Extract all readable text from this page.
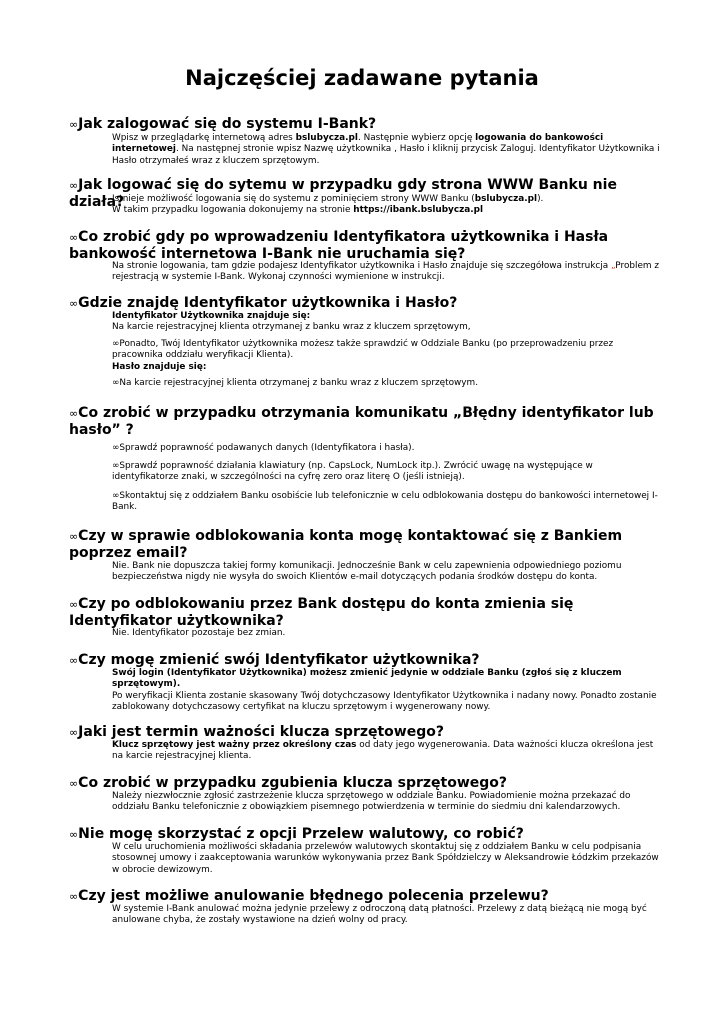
Najczęściej zadawane pytania
∞Jak zalogować się do systemu I-Bank?
Wpisz w przeglądarkę internetową adres bslubycza.pl. Następnie wybierz opcję logowania do bankowości internetowej. Na następnej stronie wpisz Nazwę użytkownika , Hasło i kliknij przycisk Zaloguj. Identyfikator Użytkownika i Hasło otrzymałeś wraz z kluczem sprzętowym.
∞Jak logować się do sytemu w przypadku gdy strona WWW Banku nie działa?
Istnieje możliwość logowania się do systemu z pominięciem strony WWW Banku (bslubycza.pl).
W takim przypadku logowania dokonujemy na stronie https://ibank.bslubycza.pl
∞Co zrobić gdy po wprowadzeniu Identyfikatora użytkownika i Hasła bankowość internetowa I-Bank nie uruchamia się?
Na stronie logowania, tam gdzie podajesz Identyfikator użytkownika i Hasło znajduje się szczegółowa instrukcja „Problem z rejestracją w systemie I-Bank. Wykonaj czynności wymienione w instrukcji.
∞Gdzie znajdę Identyfikator użytkownika i Hasło?
Identyfikator Użytkownika znajduje się:
Na karcie rejestracyjnej klienta otrzymanej z banku wraz z kluczem sprzętowym,
∞Ponadto, Twój Identyfikator użytkownika możesz także sprawdzić w Oddziale Banku (po przeprowadzeniu przez pracownika oddziału weryfikacji Klienta).
Hasło znajduje się:
∞Na karcie rejestracyjnej klienta otrzymanej z banku wraz z kluczem sprzętowym.
∞Co zrobić w przypadku otrzymania komunikatu „Błędny identyfikator lub hasło” ?
∞Sprawdź poprawność podawanych danych (Identyfikatora i hasła).
∞Sprawdź poprawność działania klawiatury (np. CapsLock, NumLock itp.). Zwrócić uwagę na występujące w identyfikatorze znaki, w szczególności na cyfrę zero oraz literę O (jeśli istnieją).
∞Skontaktuj się z oddziałem Banku osobiście lub telefonicznie w celu odblokowania dostępu do bankowości internetowej I-Bank.
∞Czy w sprawie odblokowania konta mogę kontaktować się z Bankiem poprzez email?
Nie. Bank nie dopuszcza takiej formy komunikacji. Jednocześnie Bank w celu zapewnienia odpowiedniego poziomu bezpieczeństwa nigdy nie wysyła do swoich Klientów e-mail dotyczących podania środków dostępu do konta.
∞Czy po odblokowaniu przez Bank dostępu do konta zmienia się Identyfikator użytkownika?
Nie. Identyfikator pozostaje bez zmian.
∞Czy mogę zmienić swój Identyfikator użytkownika?
Swój login (Identyfikator Użytkownika) możesz zmienić jedynie w oddziale Banku (zgłoś się z kluczem sprzętowym).
Po weryfikacji Klienta zostanie skasowany Twój dotychczasowy Identyfikator Użytkownika i nadany nowy. Ponadto zostanie zablokowany dotychczasowy certyfikat na kluczu sprzętowym i wygenerowany nowy.
∞Jaki jest termin ważności klucza sprzętowego?
Klucz sprzętowy jest ważny przez określony czas od daty jego wygenerowania. Data ważności klucza określona jest na karcie rejestracyjnej klienta.
∞Co zrobić w przypadku zgubienia klucza sprzętowego?
Należy niezwłocznie zgłosić zastrzeżenie klucza sprzętowego w oddziale Banku. Powiadomienie można przekazać do oddziału Banku telefonicznie z obowiązkiem pisemnego potwierdzenia w terminie do siedmiu dni kalendarzowych.
∞Nie mogę skorzystać z opcji Przelew walutowy, co robić?
W celu uruchomienia możliwości składania przelewów walutowych skontaktuj się z oddziałem Banku w celu podpisania stosownej umowy i zaakceptowania warunków wykonywania przez Bank Spółdzielczy w Aleksandrowie Łódzkim przekazów w obrocie dewizowym.
∞Czy jest możliwe anulowanie błędnego polecenia przelewu?
W systemie I-Bank anulować można jedynie przelewy z odroczoną datą płatności. Przelewy z datą bieżącą nie mogą być anulowane chyba, że zostały wystawione na dzień wolny od pracy.
